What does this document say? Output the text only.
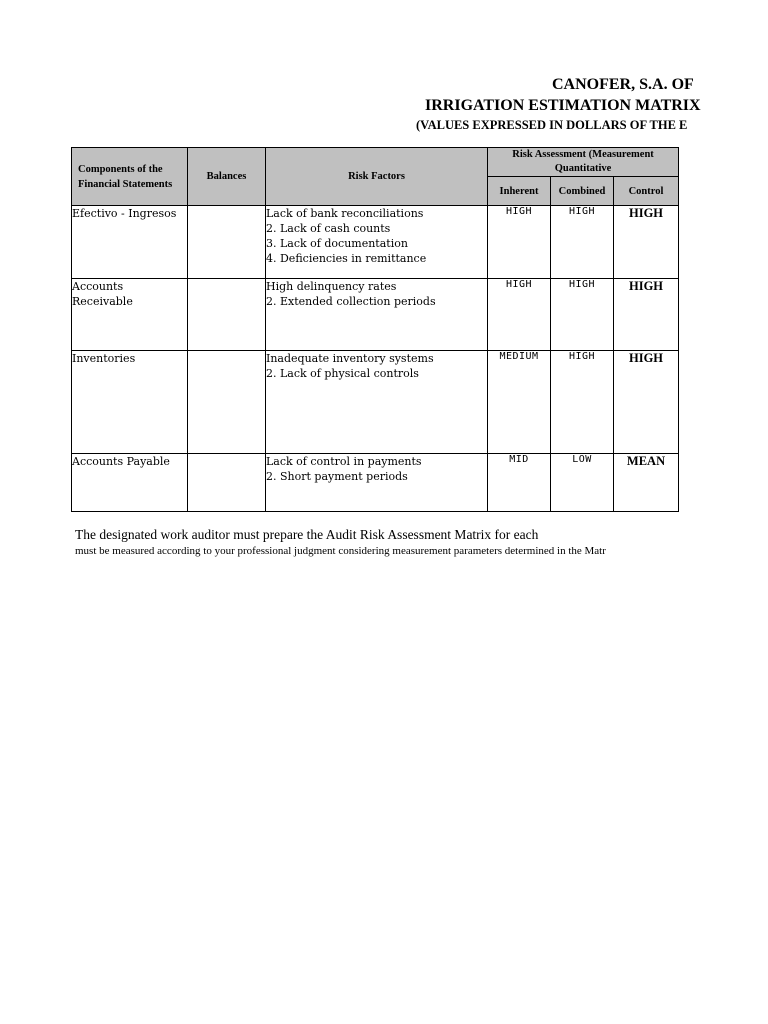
CANOFER, S.A. OF
IRRIGATION ESTIMATION MATRIX
(VALUES EXPRESSED IN DOLLARS OF THE E
Components of the Financial Statements	Balances	Risk Factors	Risk Assessment (Measurement Quantitative		
			Inherent	Combined	Control
Efectivo - Ingresos		Lack of bank reconciliations
2. Lack of cash counts
3. Lack of documentation
4. Deficiencies in remittance	HIGH	HIGH	HIGH
Accounts Receivable		High delinquency rates
2. Extended collection periods	HIGH	HIGH	HIGH
Inventories		Inadequate inventory systems
2. Lack of physical controls	MEDIUM	HIGH	HIGH
Accounts Payable		Lack of control in payments
2. Short payment periods	MID	LOW	MEAN
The designated work auditor must prepare the Audit Risk Assessment Matrix for each
must be measured according to your professional judgment considering measurement parameters determined in the Matr
